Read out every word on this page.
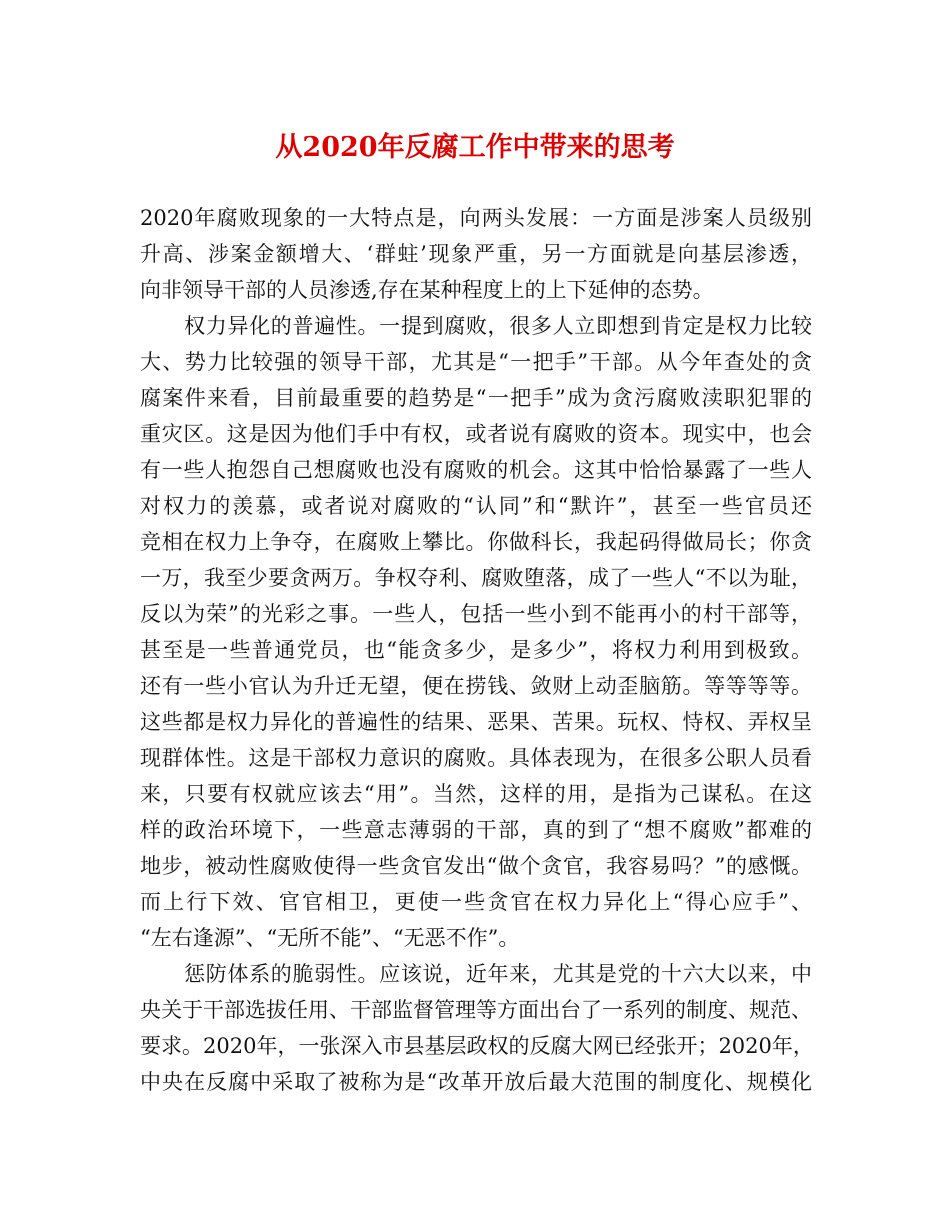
从2020年反腐工作中带来的思考
2020年腐败现象的一大特点是，向两头发展：一方面是涉案人员级别
升高、涉案金额增大、‘群蛀’现象严重，另一方面就是向基层渗透，
向非领导干部的人员渗透,存在某种程度上的上下延伸的态势。
权力异化的普遍性。一提到腐败，很多人立即想到肯定是权力比较
大、势力比较强的领导干部，尤其是“一把手”干部。从今年查处的贪
腐案件来看，目前最重要的趋势是“一把手”成为贪污腐败渎职犯罪的
重灾区。这是因为他们手中有权，或者说有腐败的资本。现实中，也会
有一些人抱怨自己想腐败也没有腐败的机会。这其中恰恰暴露了一些人
对权力的羡慕，或者说对腐败的“认同”和“默许”，甚至一些官员还
竞相在权力上争夺，在腐败上攀比。你做科长，我起码得做局长；你贪
一万，我至少要贪两万。争权夺利、腐败堕落，成了一些人“不以为耻，
反以为荣”的光彩之事。一些人，包括一些小到不能再小的村干部等，
甚至是一些普通党员，也“能贪多少，是多少”，将权力利用到极致。
还有一些小官认为升迁无望，便在捞钱、敛财上动歪脑筋。等等等等。
这些都是权力异化的普遍性的结果、恶果、苦果。玩权、恃权、弄权呈
现群体性。这是干部权力意识的腐败。具体表现为，在很多公职人员看
来，只要有权就应该去“用”。当然，这样的用，是指为己谋私。在这
样的政治环境下，一些意志薄弱的干部，真的到了“想不腐败”都难的
地步，被动性腐败使得一些贪官发出“做个贪官，我容易吗？”的感慨。
而上行下效、官官相卫，更使一些贪官在权力异化上“得心应手”、
“左右逢源”、“无所不能”、“无恶不作”。
惩防体系的脆弱性。应该说，近年来，尤其是党的十六大以来，中
央关于干部选拔任用、干部监督管理等方面出台了一系列的制度、规范、
要求。2020年，一张深入市县基层政权的反腐大网已经张开；2020年，
中央在反腐中采取了被称为是“改革开放后最大范围的制度化、规模化
